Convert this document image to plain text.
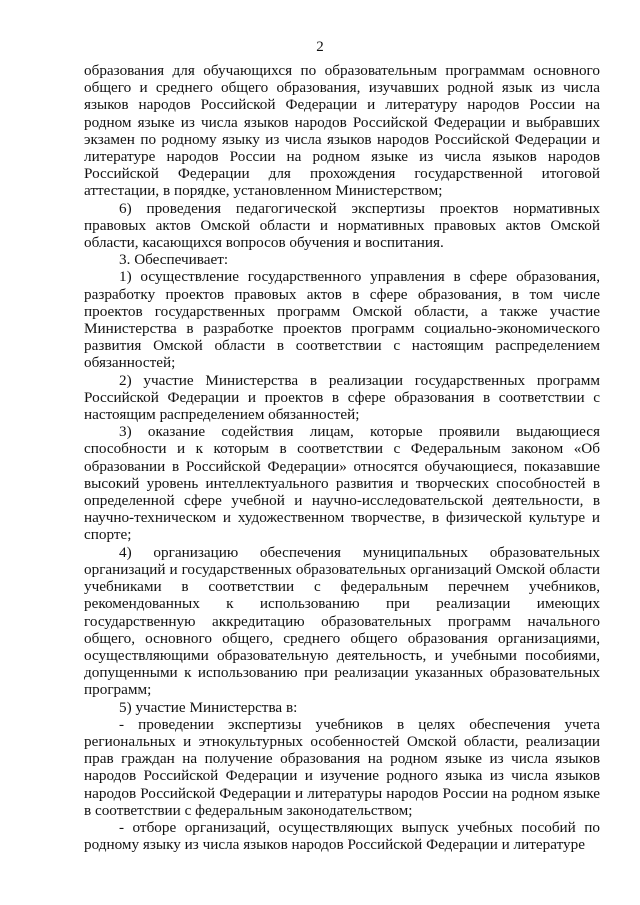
2

образования для обучающихся по образовательным программам основного общего и среднего общего образования, изучавших родной язык из числа языков народов Российской Федерации и литературу народов России на родном языке из числа языков народов Российской Федерации и выбравших экзамен по родному языку из числа языков народов Российской Федерации и литературе народов России на родном языке из числа языков народов Российской Федерации для прохождения государственной итоговой аттестации, в порядке, установленном Министерством;

6) проведения педагогической экспертизы проектов нормативных правовых актов Омской области и нормативных правовых актов Омской области, касающихся вопросов обучения и воспитания.

3. Обеспечивает:

1) осуществление государственного управления в сфере образования, разработку проектов правовых актов в сфере образования, в том числе проектов государственных программ Омской области, а также участие Министерства в разработке проектов программ социально-экономического развития Омской области в соответствии с настоящим распределением обязанностей;

2) участие Министерства в реализации государственных программ Российской Федерации и проектов в сфере образования в соответствии с настоящим распределением обязанностей;

3) оказание содействия лицам, которые проявили выдающиеся способности и к которым в соответствии с Федеральным законом «Об образовании в Российской Федерации» относятся обучающиеся, показавшие высокий уровень интеллектуального развития и творческих способностей в определенной сфере учебной и научно-исследовательской деятельности, в научно-техническом и художественном творчестве, в физической культуре и спорте;

4) организацию обеспечения муниципальных образовательных организаций и государственных образовательных организаций Омской области учебниками в соответствии с федеральным перечнем учебников, рекомендованных к использованию при реализации имеющих государственную аккредитацию образовательных программ начального общего, основного общего, среднего общего образования организациями, осуществляющими образовательную деятельность, и учебными пособиями, допущенными к использованию при реализации указанных образовательных программ;

5) участие Министерства в:

- проведении экспертизы учебников в целях обеспечения учета региональных и этнокультурных особенностей Омской области, реализации прав граждан на получение образования на родном языке из числа языков народов Российской Федерации и изучение родного языка из числа языков народов Российской Федерации и литературы народов России на родном языке в соответствии с федеральным законодательством;

- отборе организаций, осуществляющих выпуск учебных пособий по родному языку из числа языков народов Российской Федерации и литературе
